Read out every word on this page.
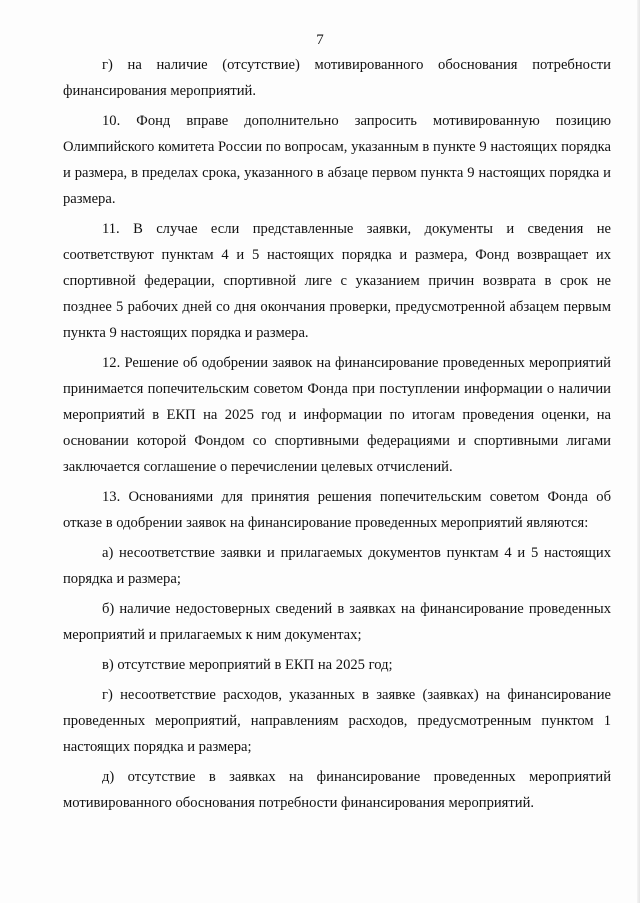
7

г) на наличие (отсутствие) мотивированного обоснования потребности финансирования мероприятий.

10. Фонд вправе дополнительно запросить мотивированную позицию Олимпийского комитета России по вопросам, указанным в пункте 9 настоящих порядка и размера, в пределах срока, указанного в абзаце первом пункта 9 настоящих порядка и размера.

11. В случае если представленные заявки, документы и сведения не соответствуют пунктам 4 и 5 настоящих порядка и размера, Фонд возвращает их спортивной федерации, спортивной лиге с указанием причин возврата в срок не позднее 5 рабочих дней со дня окончания проверки, предусмотренной абзацем первым пункта 9 настоящих порядка и размера.

12. Решение об одобрении заявок на финансирование проведенных мероприятий принимается попечительским советом Фонда при поступлении информации о наличии мероприятий в ЕКП на 2025 год и информации по итогам проведения оценки, на основании которой Фондом со спортивными федерациями и спортивными лигами заключается соглашение о перечислении целевых отчислений.

13. Основаниями для принятия решения попечительским советом Фонда об отказе в одобрении заявок на финансирование проведенных мероприятий являются:

а) несоответствие заявки и прилагаемых документов пунктам 4 и 5 настоящих порядка и размера;

б) наличие недостоверных сведений в заявках на финансирование проведенных мероприятий и прилагаемых к ним документах;

в) отсутствие мероприятий в ЕКП на 2025 год;

г) несоответствие расходов, указанных в заявке (заявках) на финансирование проведенных мероприятий, направлениям расходов, предусмотренным пунктом 1 настоящих порядка и размера;

д) отсутствие в заявках на финансирование проведенных мероприятий мотивированного обоснования потребности финансирования мероприятий.
